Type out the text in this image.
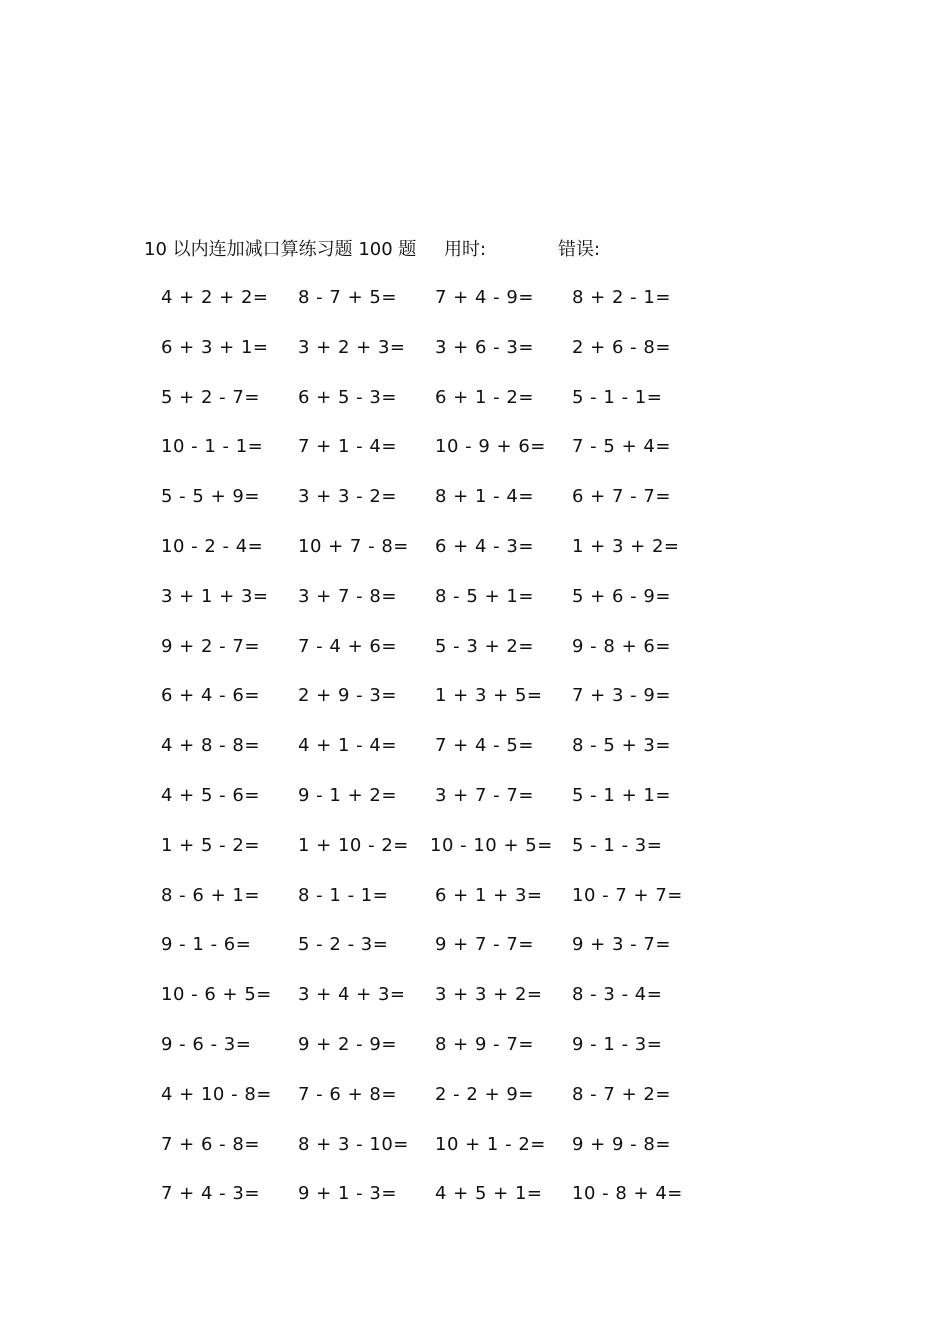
10 以内连加减口算练习题 100 题 用时:	错误:
4 + 2 + 2= 8 - 7 + 5= 7 + 4 - 9= 8 + 2 - 1=
6 + 3 + 1= 3 + 2 + 3= 3 + 6 - 3= 2 + 6 - 8=
5 + 2 - 7= 6 + 5 - 3= 6 + 1 - 2= 5 - 1 - 1=
10 - 1 - 1= 7 + 1 - 4= 10 - 9 + 6= 7 - 5 + 4=
5 - 5 + 9= 3 + 3 - 2= 8 + 1 - 4= 6 + 7 - 7=
10 - 2 - 4= 10 + 7 - 8= 6 + 4 - 3= 1 + 3 + 2=
3 + 1 + 3= 3 + 7 - 8= 8 - 5 + 1= 5 + 6 - 9=
9 + 2 - 7= 7 - 4 + 6= 5 - 3 + 2= 9 - 8 + 6=
6 + 4 - 6= 2 + 9 - 3= 1 + 3 + 5= 7 + 3 - 9=
4 + 8 - 8= 4 + 1 - 4= 7 + 4 - 5= 8 - 5 + 3=
4 + 5 - 6= 9 - 1 + 2= 3 + 7 - 7= 5 - 1 + 1=
1 + 5 - 2= 1 + 10 - 2= 10 - 10 + 5= 5 - 1 - 3=
8 - 6 + 1= 8 - 1 - 1=	6 + 1 + 3= 10 - 7 + 7=
9 - 1 - 6=	5 - 2 - 3=	9 + 7 - 7= 9 + 3 - 7=
10 - 6 + 5= 3 + 4 + 3= 3 + 3 + 2= 8 - 3 - 4=
9 - 6 - 3=	9 + 2 - 9= 8 + 9 - 7= 9 - 1 - 3=
4 + 10 - 8= 7 - 6 + 8= 2 - 2 + 9= 8 - 7 + 2=
7 + 6 - 8= 8 + 3 - 10= 10 + 1 - 2= 9 + 9 - 8=
7 + 4 - 3= 9 + 1 - 3= 4 + 5 + 1= 10 - 8 + 4=
